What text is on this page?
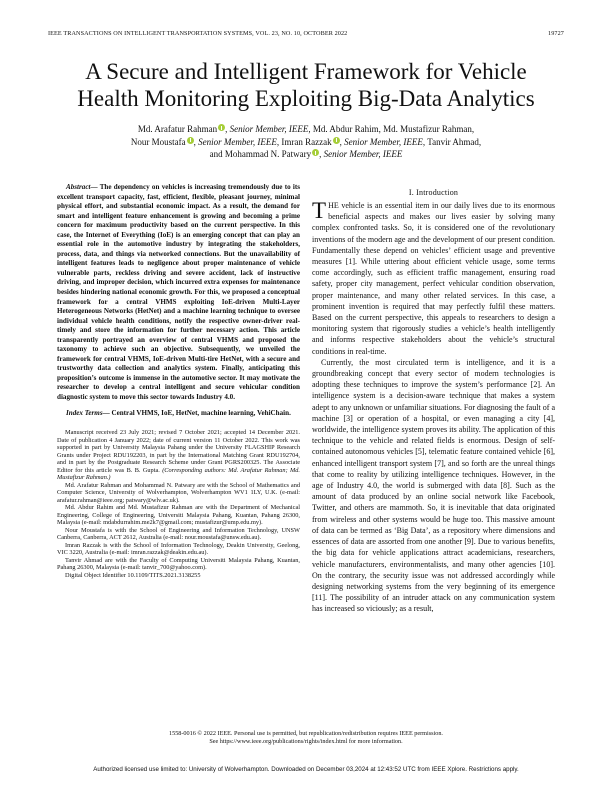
IEEE TRANSACTIONS ON INTELLIGENT TRANSPORTATION SYSTEMS, VOL. 23, NO. 10, OCTOBER 2022	19727
A Secure and Intelligent Framework for Vehicle
Health Monitoring Exploiting Big-Data Analytics
Md. Arafatur Rahman , Senior Member, IEEE, Md. Abdur Rahim, Md. Mustafizur Rahman,
Nour Moustafa , Senior Member, IEEE, Imran Razzak , Senior Member, IEEE, Tanvir Ahmad,
and Mohammad N. Patwary , Senior Member, IEEE

Abstract— The dependency on vehicles is increasing tremendously due to its excellent transport capacity, fast, efficient, flexible, pleasant journey, minimal physical effort, and substantial economic impact. As a result, the demand for smart and intelligent feature enhancement is growing and becoming a prime concern for maximum productivity based on the current perspective. In this case, the Internet of Everything (IoE) is an emerging concept that can play an essential role in the automotive industry by integrating the stakeholders, process, data, and things via networked connections. But the unavailability of intelligent features leads to negligence about proper maintenance of vehicle vulnerable parts, reckless driving and severe accident, lack of instructive driving, and improper decision, which incurred extra expenses for maintenance besides hindering national economic growth. For this, we proposed a conceptual framework for a central VHMS exploiting IoE-driven Multi-Layer Heterogeneous Networks (HetNet) and a machine learning technique to oversee individual vehicle health conditions, notify the respective owner-driver real-timely and store the information for further necessary action. This article transparently portrayed an overview of central VHMS and proposed the taxonomy to achieve such an objective. Subsequently, we unveiled the framework for central VHMS, IoE-driven Multi-tire HetNet, with a secure and trustworthy data collection and analytics system. Finally, anticipating this proposition’s outcome is immense in the automotive sector. It may motivate the researcher to develop a central intelligent and secure vehicular condition diagnostic system to move this sector towards Industry 4.0.

Index Terms— Central VHMS, IoE, HetNet, machine learning, VehiChain.

Manuscript received 23 July 2021; revised 7 October 2021; accepted 14 December 2021. Date of publication 4 January 2022; date of current version 11 October 2022. This work was supported in part by University Malaysia Pahang under the University FLAGSHIP Research Grants under Project RDU192203, in part by the International Matching Grant RDU192704, and in part by the Postgraduate Research Scheme under Grant PGRS200325. The Associate Editor for this article was B. B. Gupta. (Corresponding authors: Md. Arafatur Rahman; Md. Mustafizur Rahman.)

Md. Arafatur Rahman and Mohammad N. Patwary are with the School of Mathematics and Computer Science, University of Wolverhampton, Wolverhampton WV1 1LY, U.K. (e-mail: arafatur.rahman@ieee.org; patwary@wlv.ac.uk).

Md. Abdur Rahim and Md. Mustafizur Rahman are with the Department of Mechanical Engineering, College of Engineering, Universiti Malaysia Pahang, Kuantan, Pahang 26300, Malaysia (e-mail: mdabdurrahim.me2k7@gmail.com; mustafizur@ump.edu.my).

Nour Moustafa is with the School of Engineering and Information Technology, UNSW Canberra, Canberra, ACT 2612, Australia (e-mail: nour.moustafa@unsw.edu.au).

Imran Razzak is with the School of Information Technology, Deakin University, Geelong, VIC 3220, Australia (e-mail: imran.razzak@deakin.edu.au).

Tanvir Ahmad are with the Faculty of Computing Universiti Malaysia Pahang, Kuantan, Pahang 26300, Malaysia (e-mail: tanvir_700@yahoo.com).

Digital Object Identifier 10.1109/TITS.2021.3138255

I. Introduction

THE vehicle is an essential item in our daily lives due to its enormous beneficial aspects and makes our lives easier by solving many complex confronted tasks. So, it is considered one of the revolutionary inventions of the modern age and the development of our present condition. Fundamentally these depend on vehicles’ efficient usage and preventive measures [1]. While uttering about efficient vehicle usage, some terms come accordingly, such as efficient traffic management, ensuring road safety, proper city management, perfect vehicular condition observation, proper maintenance, and many other related services. In this case, a prominent invention is required that may perfectly fulfil these matters. Based on the current perspective, this appeals to researchers to design a monitoring system that rigorously studies a vehicle’s health intelligently and informs respective stakeholders about the vehicle’s structural conditions in real-time.

Currently, the most circulated term is intelligence, and it is a groundbreaking concept that every sector of modern technologies is adopting these techniques to improve the system’s performance [2]. An intelligence system is a decision-aware technique that makes a system adept to any unknown or unfamiliar situations. For diagnosing the fault of a machine [3] or operation of a hospital, or even managing a city [4], worldwide, the intelligence system proves its ability. The application of this technique to the vehicle and related fields is enormous. Design of self-contained autonomous vehicles [5], telematic feature contained vehicle [6], enhanced intelligent transport system [7], and so forth are the unreal things that come to reality by utilizing intelligence techniques. However, in the age of Industry 4.0, the world is submerged with data [8]. Such as the amount of data produced by an online social network like Facebook, Twitter, and others are mammoth. So, it is inevitable that data originated from wireless and other systems would be huge too. This massive amount of data can be termed as ‘Big Data’, as a repository where dimensions and essences of data are assorted from one another [9]. Due to various benefits, the big data for vehicle applications attract academicians, researchers, vehicle manufacturers, environmentalists, and many other agencies [10]. On the contrary, the security issue was not addressed accordingly while designing networking systems from the very beginning of its emergence [11]. The possibility of an intruder attack on any communication system has increased so viciously; as a result,

1558-0016 © 2022 IEEE. Personal use is permitted, but republication/redistribution requires IEEE permission.
See https://www.ieee.org/publications/rights/index.html for more information.
Authorized licensed use limited to: University of Wolverhampton. Downloaded on December 03,2024 at 12:43:52 UTC from IEEE Xplore. Restrictions apply.
